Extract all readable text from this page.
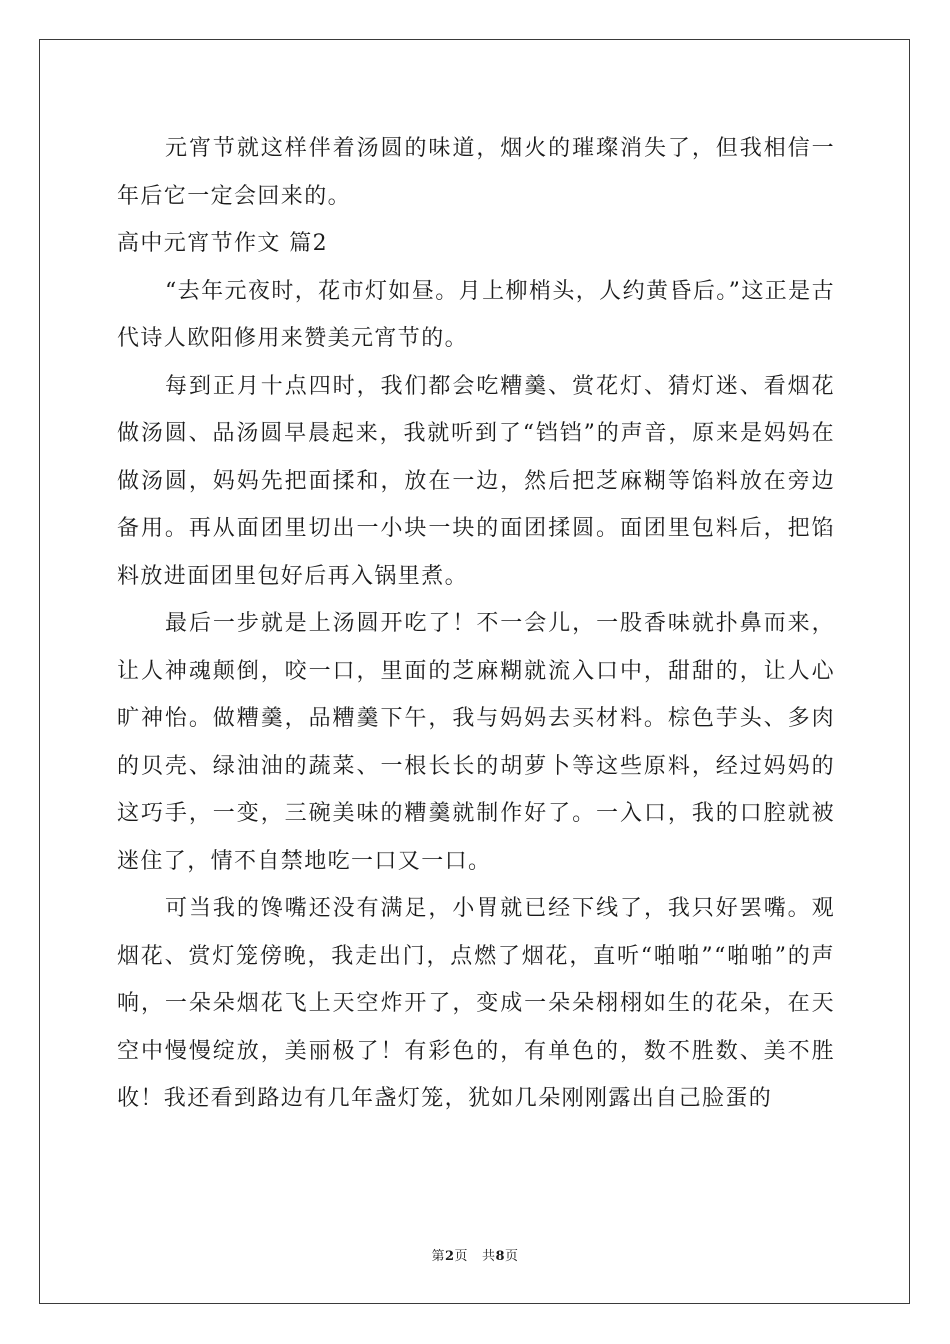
元宵节就这样伴着汤圆的味道，烟火的璀璨消失了，但我相信一年后它一定会回来的。

高中元宵节作文 篇2

“去年元夜时，花市灯如昼。月上柳梢头，人约黄昏后。”这正是古代诗人欧阳修用来赞美元宵节的。

每到正月十点四时，我们都会吃糟羹、赏花灯、猜灯迷、看烟花做汤圆、品汤圆早晨起来，我就听到了“铛铛”的声音，原来是妈妈在做汤圆，妈妈先把面揉和，放在一边，然后把芝麻糊等馅料放在旁边备用。再从面团里切出一小块一块的面团揉圆。面团里包料后，把馅料放进面团里包好后再入锅里煮。

最后一步就是上汤圆开吃了！不一会儿，一股香味就扑鼻而来，让人神魂颠倒，咬一口，里面的芝麻糊就流入口中，甜甜的，让人心旷神怡。做糟羹，品糟羹下午，我与妈妈去买材料。棕色芋头、多肉的贝壳、绿油油的蔬菜、一根长长的胡萝卜等这些原料，经过妈妈的这巧手，一变，三碗美味的糟羹就制作好了。一入口，我的口腔就被迷住了，情不自禁地吃一口又一口。

可当我的馋嘴还没有满足，小胃就已经下线了，我只好罢嘴。观烟花、赏灯笼傍晚，我走出门，点燃了烟花，直听“啪啪”“啪啪”的声响，一朵朵烟花飞上天空炸开了，变成一朵朵栩栩如生的花朵，在天空中慢慢绽放，美丽极了！有彩色的，有单色的，数不胜数、美不胜收！我还看到路边有几年盏灯笼，犹如几朵刚刚露出自己脸蛋的

第2页 共8页
